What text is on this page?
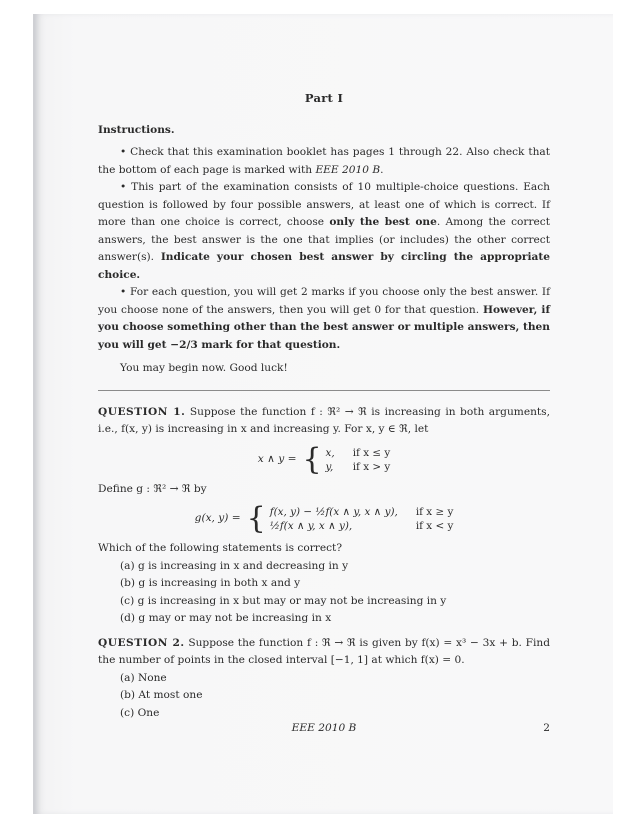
Part I
Instructions.

• Check that this examination booklet has pages 1 through 22. Also check that the bottom of each page is marked with EEE 2010 B.

• This part of the examination consists of 10 multiple-choice questions. Each question is followed by four possible answers, at least one of which is correct. If more than one choice is correct, choose only the best one. Among the correct answers, the best answer is the one that implies (or includes) the other correct answer(s). Indicate your chosen best answer by circling the appropriate choice.

• For each question, you will get 2 marks if you choose only the best answer. If you choose none of the answers, then you will get 0 for that question. However, if you choose something other than the best answer or multiple answers, then you will get −2/3 mark for that question.

You may begin now. Good luck!

QUESTION 1. Suppose the function f : ℜ² → ℜ is increasing in both arguments, i.e., f(x, y) is increasing in x and increasing y. For x, y ∈ ℜ, let

x ∧ y = { x, if x ≤ y
y, if x > y

Define g : ℜ² → ℜ by

g(x, y) = { f(x, y) − ½f(x ∧ y, x ∧ y), if x ≥ y
½f(x ∧ y, x ∧ y),	if x < y

Which of the following statements is correct?

(a) g is increasing in x and decreasing in y
(b) g is increasing in both x and y
(c) g is increasing in x but may or may not be increasing in y
(d) g may or may not be increasing in x

QUESTION 2. Suppose the function f : ℜ → ℜ is given by f(x) = x³ − 3x + b. Find the number of points in the closed interval [−1, 1] at which f(x) = 0.

(a) None
(b) At most one
(c) One
EEE 2010 B	2
